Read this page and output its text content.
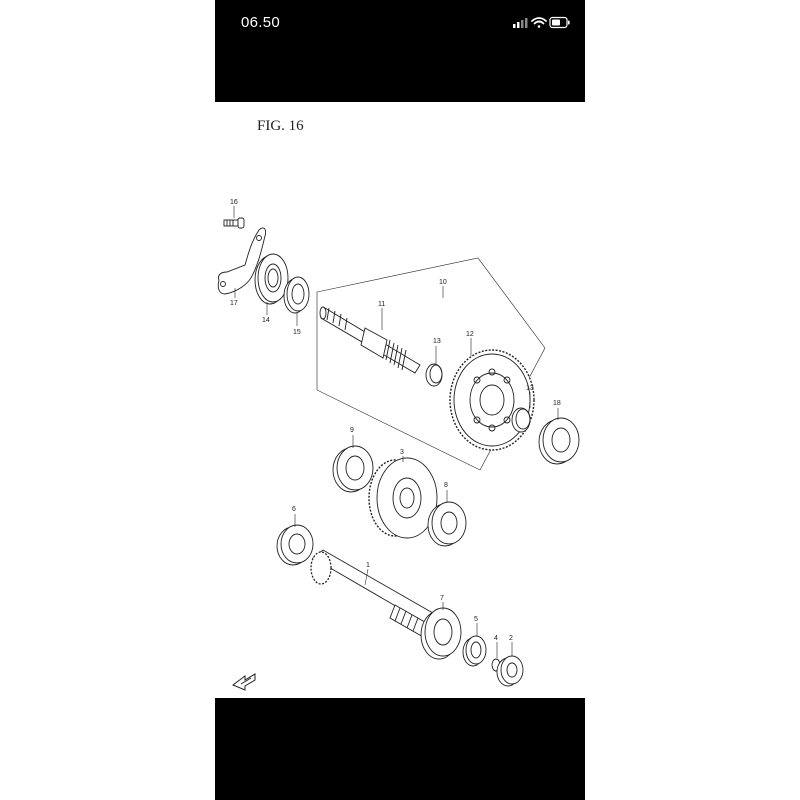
06.50
FIG. 16
16
17
14
15
11
10
13
12
13
18
9
3
8
6
1
7
5
4 2
